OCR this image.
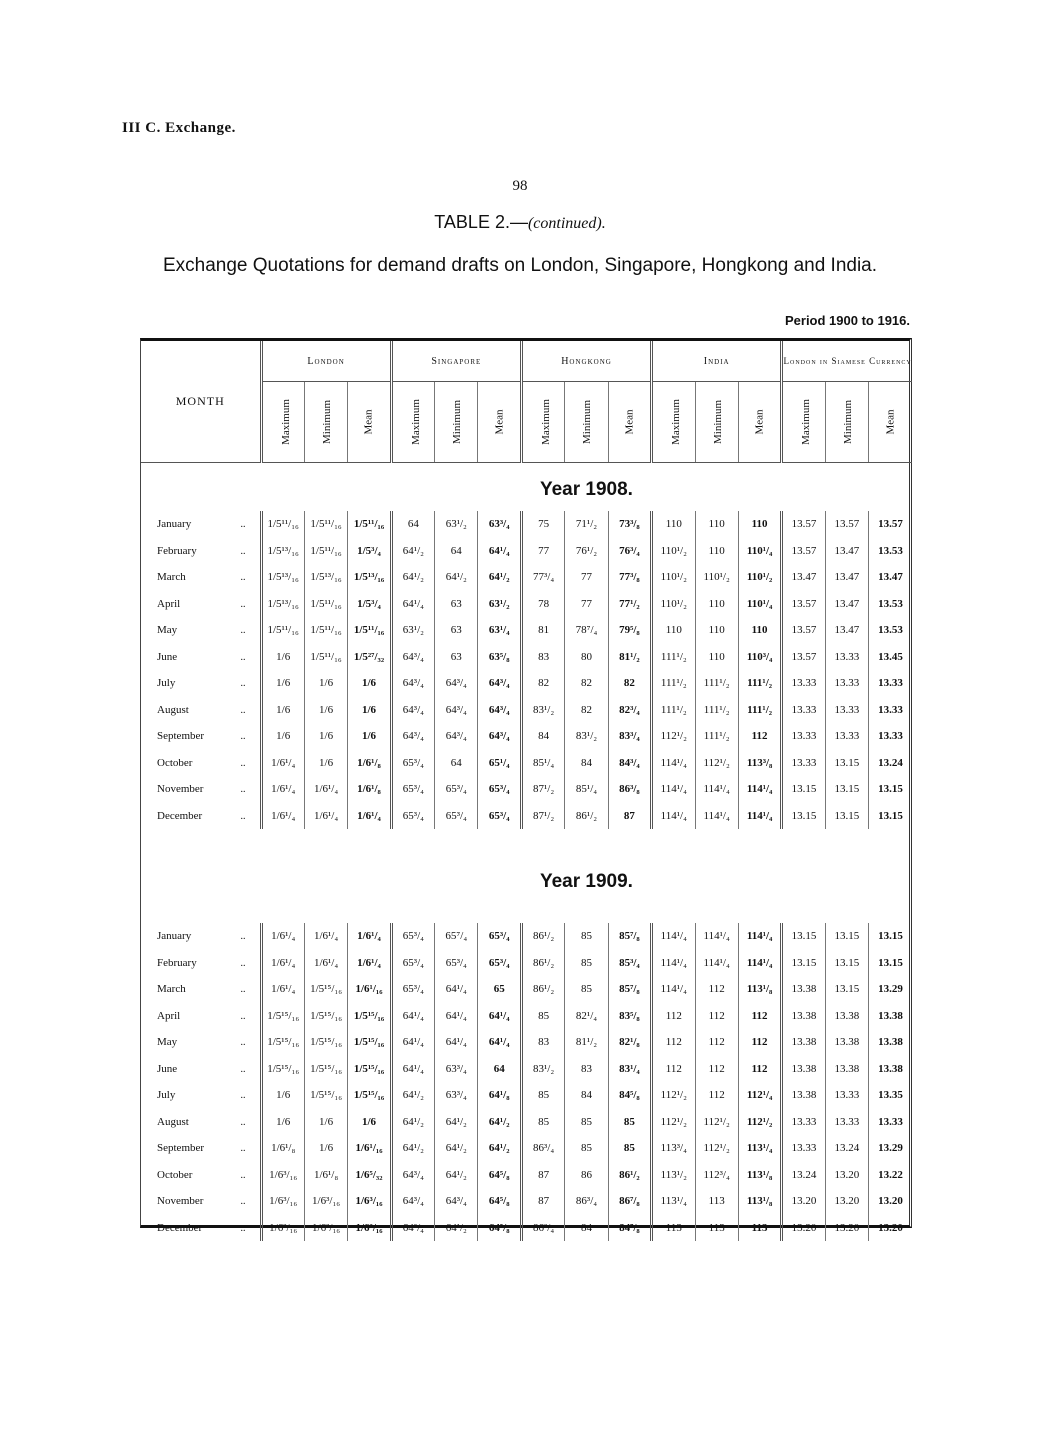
III C. Exchange.
98
TABLE 2.—(continued).
Exchange Quotations for demand drafts on London, Singapore, Hongkong and India.
Period 1900 to 1916.
MONTH	London			Singapore			Hongkong			India			London in Siamese Currency		
	Maximum	Minimum	Mean	Maximum	Minimum	Mean	Maximum	Minimum	Mean	Maximum	Minimum	Mean	Maximum	Minimum	Mean
	Year 1908.														

January ..	1/5¹¹/₁₆	1/5¹¹/₁₆	1/5¹¹/₁₆	64	63¹/₂	63³/₄	75	71¹/₂	73³/₈	110	110	110	13.57	13.57	13.57
February ..	1/5¹³/₁₆	1/5¹¹/₁₆	1/5³/₄	64¹/₂	64	64¹/₄	77	76¹/₂	76³/₄	110¹/₂	110	110¹/₄	13.57	13.47	13.53
March ..	1/5¹³/₁₆	1/5¹³/₁₆	1/5¹³/₁₆	64¹/₂	64¹/₂	64¹/₂	77³/₄	77	77³/₈	110¹/₂	110¹/₂	110¹/₂	13.47	13.47	13.47
April ..	1/5¹³/₁₆	1/5¹¹/₁₆	1/5³/₄	64¹/₄	63	63¹/₂	78	77	77¹/₂	110¹/₂	110	110¹/₄	13.57	13.47	13.53
May ..	1/5¹¹/₁₆	1/5¹¹/₁₆	1/5¹¹/₁₆	63¹/₂	63	63¹/₄	81	78⁷/₄	79⁵/₈	110	110	110	13.57	13.47	13.53
June ..	1/6	1/5¹¹/₁₆	1/5²⁷/₃₂	64³/₄	63	63⁵/₈	83	80	81¹/₂	111¹/₂	110	110³/₄	13.57	13.33	13.45
July ..	1/6	1/6	1/6	64³/₄	64³/₄	64³/₄	82	82	82	111¹/₂	111¹/₂	111¹/₂	13.33	13.33	13.33
August ..	1/6	1/6	1/6	64³/₄	64³/₄	64³/₄	83¹/₂	82	82³/₄	111¹/₂	111¹/₂	111¹/₂	13.33	13.33	13.33
September ..	1/6	1/6	1/6	64³/₄	64³/₄	64³/₄	84	83¹/₂	83³/₄	112¹/₂	111¹/₂	112	13.33	13.33	13.33
October ..	1/6¹/₄	1/6	1/6¹/₈	65³/₄	64	65¹/₄	85¹/₄	84	84³/₄	114¹/₄	112¹/₂	113³/₈	13.33	13.15	13.24
November ..	1/6¹/₄	1/6¹/₄	1/6¹/₈	65³/₄	65³/₄	65³/₄	87¹/₂	85¹/₄	86³/₈	114¹/₄	114¹/₄	114¹/₄	13.15	13.15	13.15
December ..	1/6¹/₄	1/6¹/₄	1/6¹/₄	65³/₄	65³/₄	65³/₄	87¹/₂	86¹/₂	87	114¹/₄	114¹/₄	114¹/₄	13.15	13.15	13.15

	Year 1909.														

January ..	1/6¹/₄	1/6¹/₄	1/6¹/₄	65³/₄	65⁷/₄	65³/₄	86¹/₂	85	85⁷/₈	114¹/₄	114¹/₄	114¹/₄	13.15	13.15	13.15
February ..	1/6¹/₄	1/6¹/₄	1/6¹/₄	65³/₄	65³/₄	65³/₄	86¹/₂	85	85³/₄	114¹/₄	114¹/₄	114¹/₄	13.15	13.15	13.15
March ..	1/6¹/₄	1/5¹⁵/₁₆	1/6¹/₁₆	65³/₄	64¹/₄	65	86¹/₂	85	85⁷/₈	114¹/₄	112	113¹/₈	13.38	13.15	13.29
April ..	1/5¹⁵/₁₆	1/5¹⁵/₁₆	1/5¹⁵/₁₆	64¹/₄	64¹/₄	64¹/₄	85	82¹/₄	83⁵/₈	112	112	112	13.38	13.38	13.38
May ..	1/5¹⁵/₁₆	1/5¹⁵/₁₆	1/5¹⁵/₁₆	64¹/₄	64¹/₄	64¹/₄	83	81¹/₂	82¹/₈	112	112	112	13.38	13.38	13.38
June ..	1/5¹⁵/₁₆	1/5¹⁵/₁₆	1/5¹⁵/₁₆	64¹/₄	63³/₄	64	83¹/₂	83	83¹/₄	112	112	112	13.38	13.38	13.38
July ..	1/6	1/5¹⁵/₁₆	1/5¹⁵/₁₆	64¹/₂	63³/₄	64¹/₈	85	84	84⁵/₈	112¹/₂	112	112¹/₄	13.38	13.33	13.35
August ..	1/6	1/6	1/6	64¹/₂	64¹/₂	64¹/₂	85	85	85	112¹/₂	112¹/₂	112¹/₂	13.33	13.33	13.33
September ..	1/6¹/₈	1/6	1/6¹/₁₆	64¹/₂	64¹/₂	64¹/₂	86³/₄	85	85	113³/₄	112¹/₂	113¹/₄	13.33	13.24	13.29
October ..	1/6³/₁₆	1/6¹/₈	1/6⁵/₃₂	64³/₄	64¹/₂	64⁵/₈	87	86	86¹/₂	113¹/₂	112³/₄	113¹/₈	13.24	13.20	13.22
November ..	1/6³/₁₆	1/6³/₁₆	1/6³/₁₆	64³/₄	64³/₄	64⁵/₈	87	86³/₄	86⁷/₈	113¹/₄	113	113¹/₈	13.20	13.20	13.20
December ..	1/6³/₁₆	1/6³/₁₆	1/6³/₁₆	64³/₄	64¹/₂	64⁵/₈	86³/₄	84	84⁷/₈	113	113	113	13.20	13.20	13.20
